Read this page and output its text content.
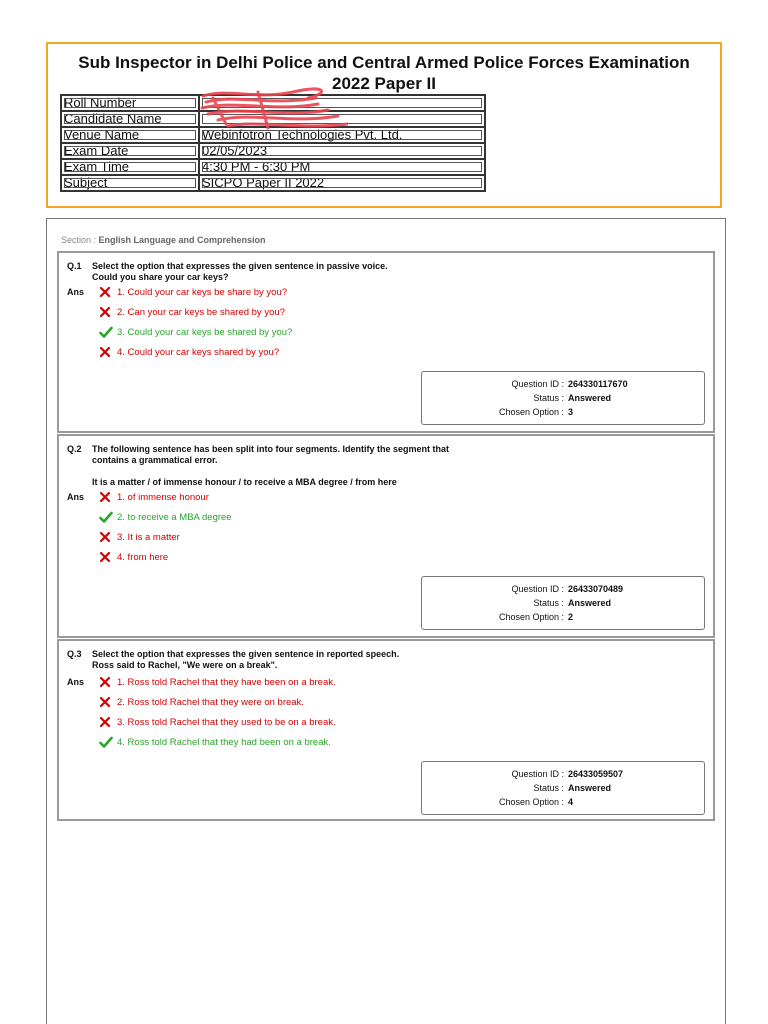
Sub Inspector in Delhi Police and Central Armed Police Forces Examination
2022 Paper II
Roll Number	
Candidate Name	
Venue Name	Webinfotron Technologies Pvt. Ltd.
Exam Date	02/05/2023
Exam Time	4:30 PM - 6:30 PM
Subject	SICPO Paper II 2022
Section : English Language and Comprehension
Q.1 Select the option that expresses the given sentence in passive voice.
Could you share your car keys?
Ans	1. Could your car keys be share by you?
2. Can your car keys be shared by you?
3. Could your car keys be shared by you?
4. Could your car keys shared by you?
Question ID : 264330117670
Status : Answered
Chosen Option : 3
Q.2 The following sentence has been split into four segments. Identify the segment that
contains a grammatical error.

It is a matter / of immense honour / to receive a MBA degree / from here
Ans	1. of immense honour
2. to receive a MBA degree
3. It is a matter
4. from here
Question ID : 26433070489
Status : Answered
Chosen Option : 2
Q.3 Select the option that expresses the given sentence in reported speech.
Ross said to Rachel, "We were on a break".
Ans	1. Ross told Rachel that they have been on a break.
2. Ross told Rachel that they were on break.
3. Ross told Rachel that they used to be on a break.
4. Ross told Rachel that they had been on a break.
Question ID : 26433059507
Status : Answered
Chosen Option : 4
